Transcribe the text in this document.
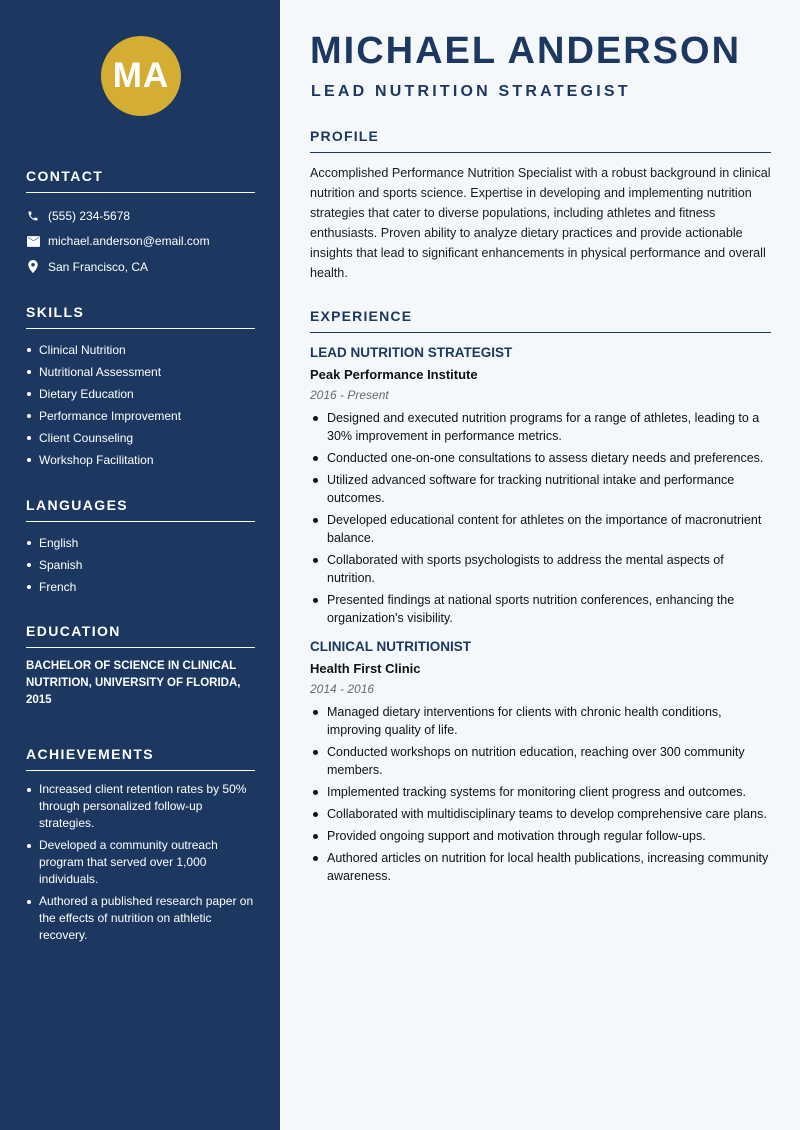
MA
CONTACT
(555) 234-5678
michael.anderson@email.com
San Francisco, CA
SKILLS
Clinical Nutrition
Nutritional Assessment
Dietary Education
Performance Improvement
Client Counseling
Workshop Facilitation
LANGUAGES
English
Spanish
French
EDUCATION
BACHELOR OF SCIENCE IN CLINICAL NUTRITION, UNIVERSITY OF FLORIDA, 2015
ACHIEVEMENTS
Increased client retention rates by 50% through personalized follow-up strategies.
Developed a community outreach program that served over 1,000 individuals.
Authored a published research paper on the effects of nutrition on athletic recovery.
MICHAEL ANDERSON
LEAD NUTRITION STRATEGIST
PROFILE

Accomplished Performance Nutrition Specialist with a robust background in clinical nutrition and sports science. Expertise in developing and implementing nutrition strategies that cater to diverse populations, including athletes and fitness enthusiasts. Proven ability to analyze dietary practices and provide actionable insights that lead to significant enhancements in physical performance and overall health.

EXPERIENCE

LEAD NUTRITION STRATEGIST

Peak Performance Institute

2016 - Present

Designed and executed nutrition programs for a range of athletes, leading to a 30% improvement in performance metrics.
Conducted one-on-one consultations to assess dietary needs and preferences.
Utilized advanced software for tracking nutritional intake and performance outcomes.
Developed educational content for athletes on the importance of macronutrient balance.
Collaborated with sports psychologists to address the mental aspects of nutrition.
Presented findings at national sports nutrition conferences, enhancing the organization's visibility.

CLINICAL NUTRITIONIST

Health First Clinic

2014 - 2016

Managed dietary interventions for clients with chronic health conditions, improving quality of life.
Conducted workshops on nutrition education, reaching over 300 community members.
Implemented tracking systems for monitoring client progress and outcomes.
Collaborated with multidisciplinary teams to develop comprehensive care plans.
Provided ongoing support and motivation through regular follow-ups.
Authored articles on nutrition for local health publications, increasing community awareness.
